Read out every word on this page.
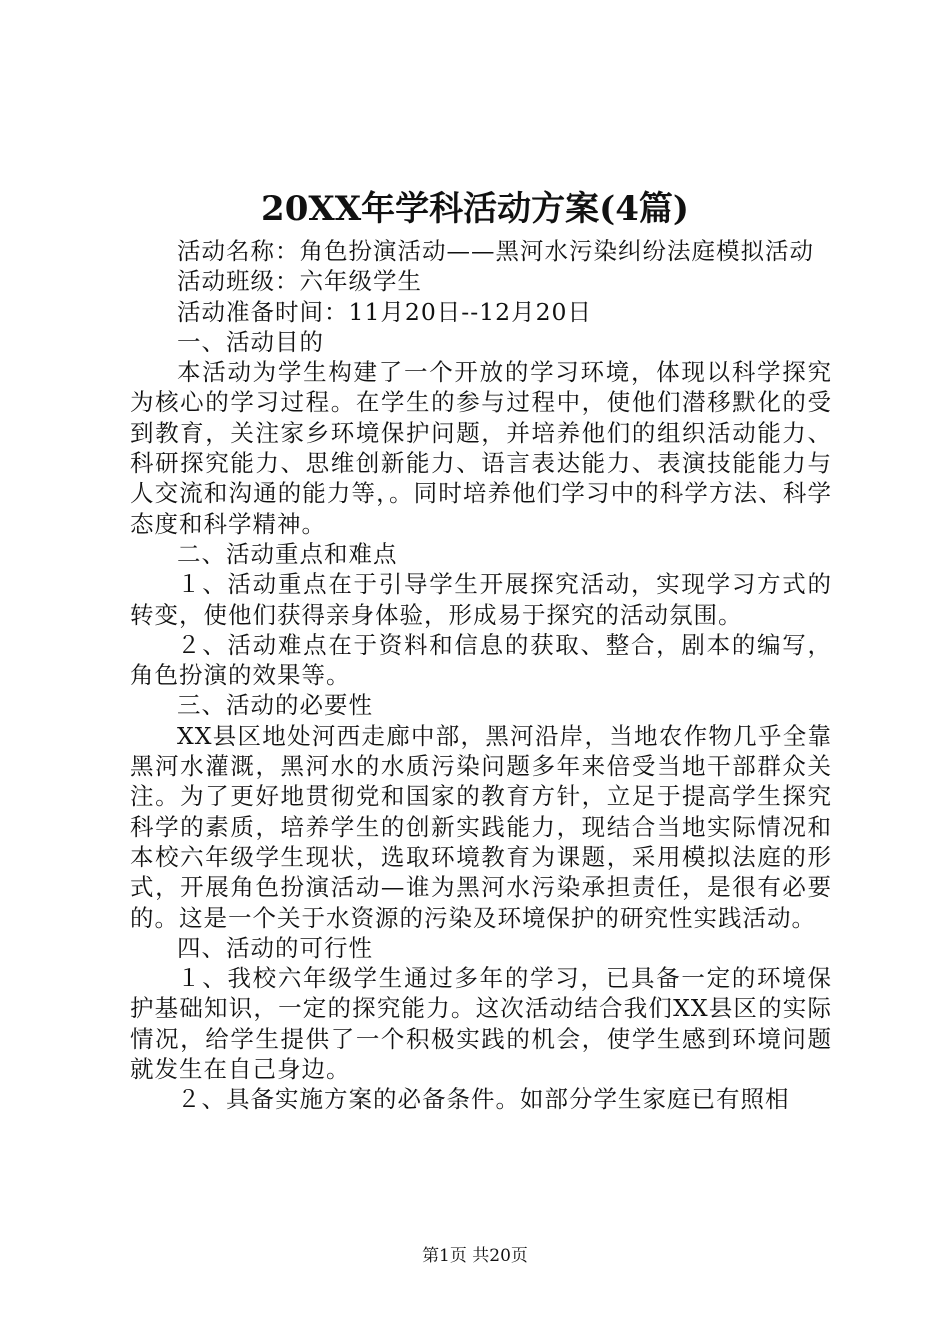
20XX年学科活动方案(4篇)

活动名称：角色扮演活动——黑河水污染纠纷法庭模拟活动

活动班级：六年级学生

活动准备时间：11月20日--12月20日

一、活动目的

本活动为学生构建了一个开放的学习环境，体现以科学探究为核心的学习过程。在学生的参与过程中，使他们潜移默化的受到教育，关注家乡环境保护问题，并培养他们的组织活动能力、科研探究能力、思维创新能力、语言表达能力、表演技能能力与人交流和沟通的能力等，。同时培养他们学习中的科学方法、科学态度和科学精神。

二、活动重点和难点

１、活动重点在于引导学生开展探究活动，实现学习方式的转变，使他们获得亲身体验，形成易于探究的活动氛围。

２、活动难点在于资料和信息的获取、整合，剧本的编写，角色扮演的效果等。

三、活动的必要性

XX县区地处河西走廊中部，黑河沿岸，当地农作物几乎全靠黑河水灌溉，黑河水的水质污染问题多年来倍受当地干部群众关注。为了更好地贯彻党和国家的教育方针，立足于提高学生探究科学的素质，培养学生的创新实践能力，现结合当地实际情况和本校六年级学生现状，选取环境教育为课题，采用模拟法庭的形式，开展角色扮演活动—谁为黑河水污染承担责任，是很有必要的。这是一个关于水资源的污染及环境保护的研究性实践活动。

四、活动的可行性

１、我校六年级学生通过多年的学习，已具备一定的环境保护基础知识，一定的探究能力。这次活动结合我们XX县区的实际情况，给学生提供了一个积极实践的机会，使学生感到环境问题就发生在自己身边。

２、具备实施方案的必备条件。如部分学生家庭已有照相

第1页 共20页
